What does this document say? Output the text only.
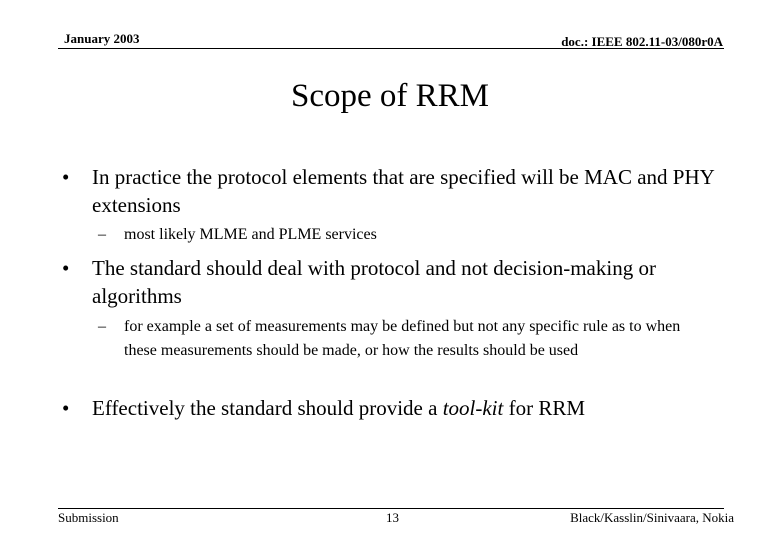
January 2003	doc.: IEEE 802.11-03/080r0A
Scope of RRM
• In practice the protocol elements that are specified will be MAC and PHY extensions
– most likely MLME and PLME services
• The standard should deal with protocol and not decision-making or algorithms
– for example a set of measurements may be defined but not any specific rule as to when these measurements should be made, or how the results should be used
• Effectively the standard should provide a tool-kit for RRM
Submission	13	Black/Kasslin/Sinivaara, Nokia
